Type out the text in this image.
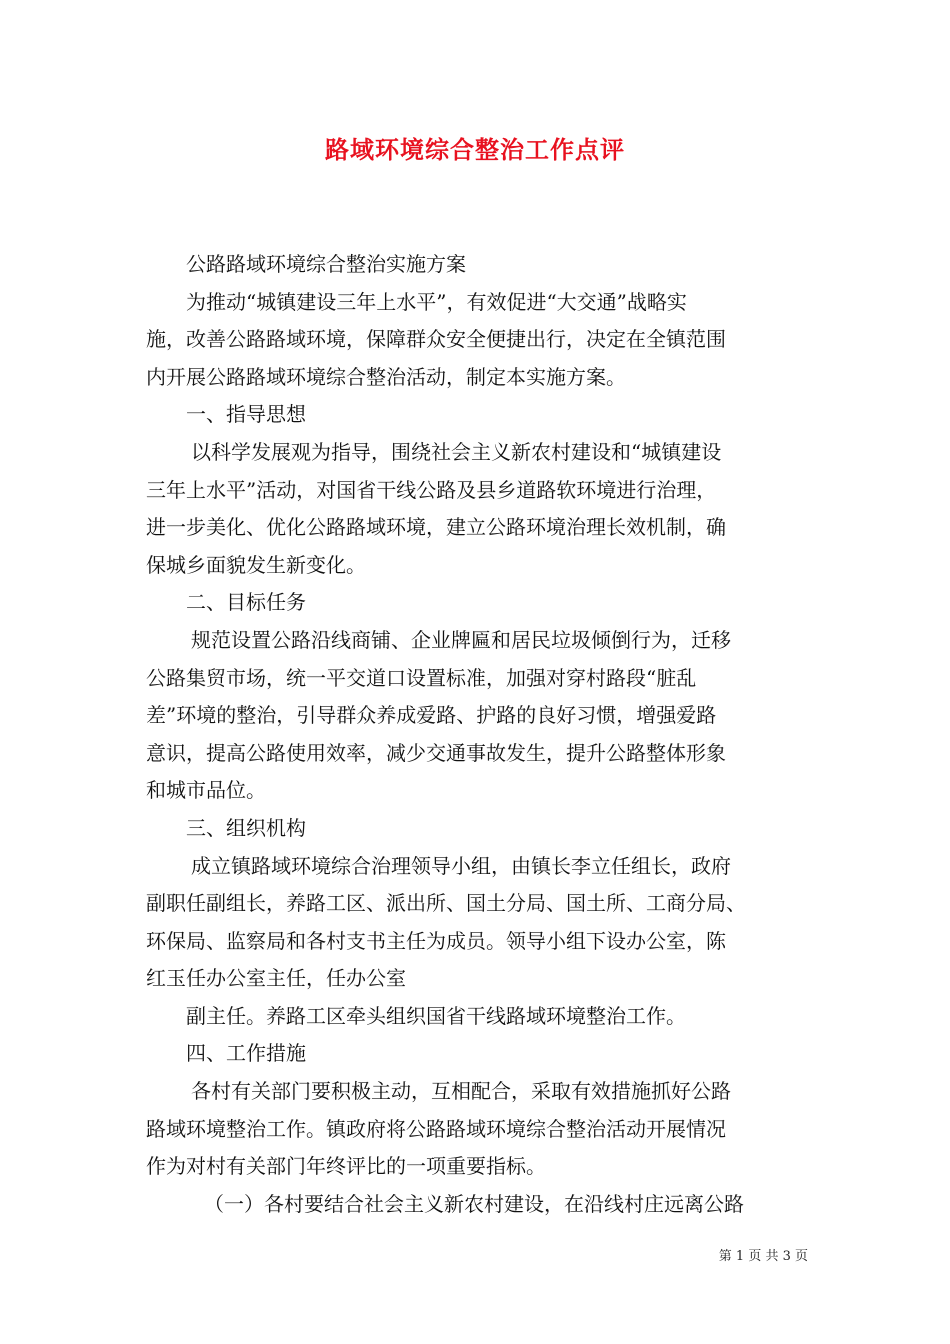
路域环境综合整治工作点评
公路路域环境综合整治实施方案
为推动“城镇建设三年上水平”，有效促进“大交通”战略实
施，改善公路路域环境，保障群众安全便捷出行，决定在全镇范围
内开展公路路域环境综合整治活动，制定本实施方案。
一、指导思想
以科学发展观为指导，围绕社会主义新农村建设和“城镇建设
三年上水平”活动，对国省干线公路及县乡道路软环境进行治理，
进一步美化、优化公路路域环境，建立公路环境治理长效机制，确
保城乡面貌发生新变化。
二、目标任务
规范设置公路沿线商铺、企业牌匾和居民垃圾倾倒行为，迁移
公路集贸市场，统一平交道口设置标准，加强对穿村路段“脏乱
差”环境的整治，引导群众养成爱路、护路的良好习惯，增强爱路
意识，提高公路使用效率，减少交通事故发生，提升公路整体形象
和城市品位。
三、组织机构
成立镇路域环境综合治理领导小组，由镇长李立任组长，政府
副职任副组长，养路工区、派出所、国土分局、国土所、工商分局、
环保局、监察局和各村支书主任为成员。领导小组下设办公室，陈
红玉任办公室主任，任办公室
副主任。养路工区牵头组织国省干线路域环境整治工作。
四、工作措施
各村有关部门要积极主动，互相配合，采取有效措施抓好公路
路域环境整治工作。镇政府将公路路域环境综合整治活动开展情况
作为对村有关部门年终评比的一项重要指标。
（一）各村要结合社会主义新农村建设，在沿线村庄远离公路
第 1 页 共 3 页
